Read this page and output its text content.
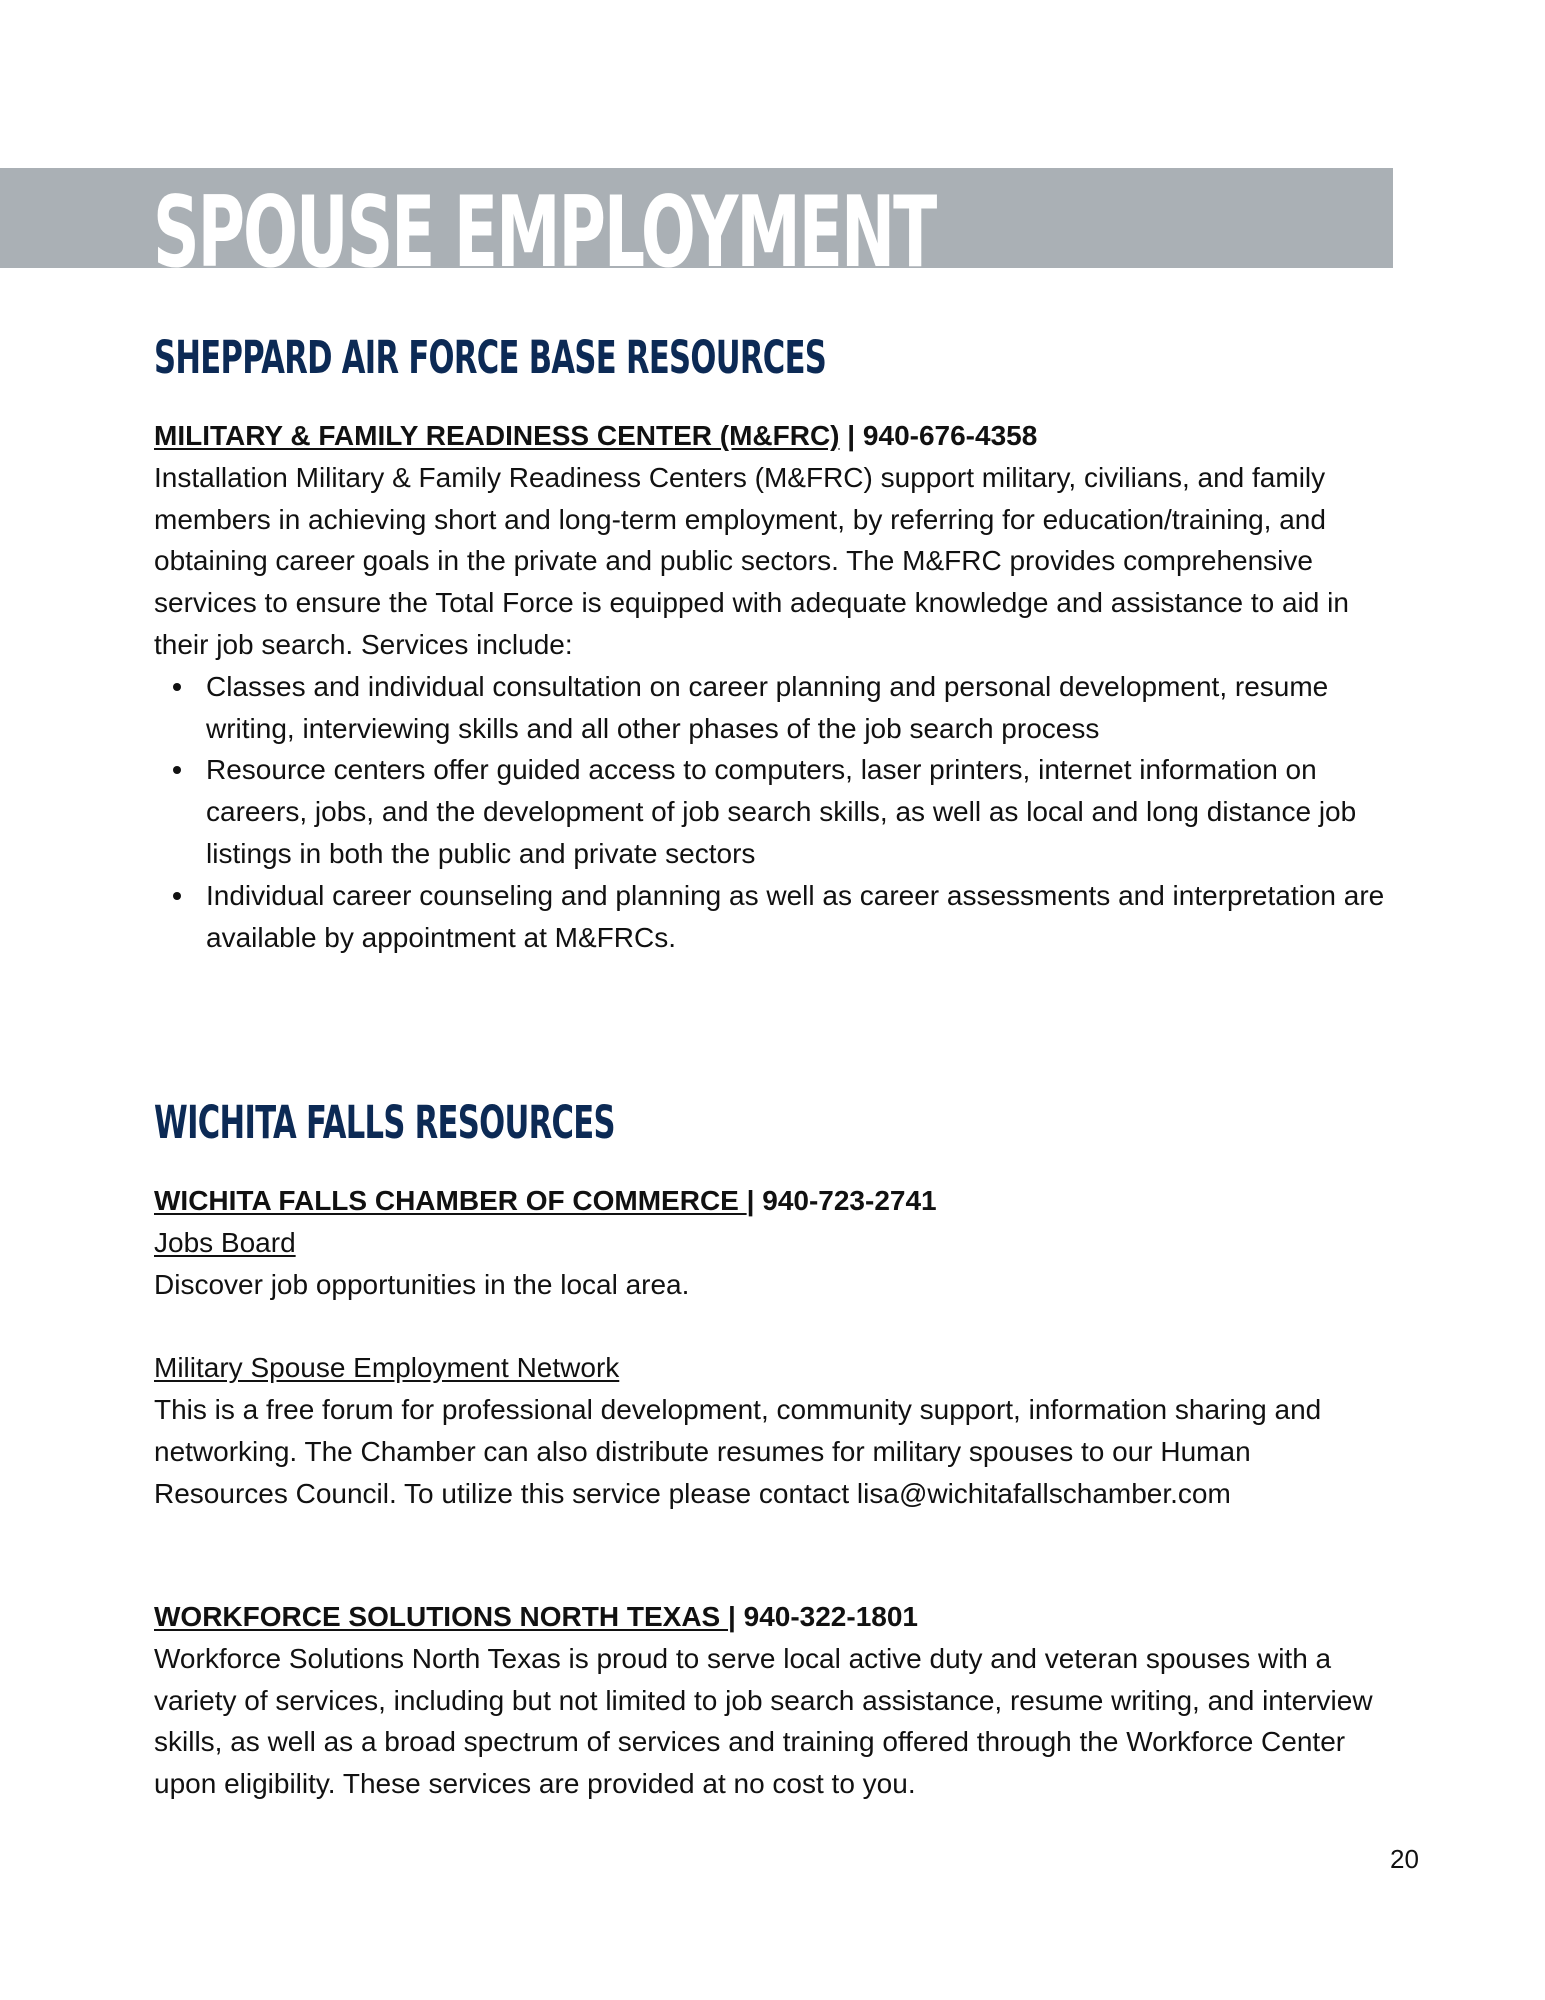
SPOUSE EMPLOYMENT
SHEPPARD AIR FORCE BASE RESOURCES

MILITARY & FAMILY READINESS CENTER (M&FRC) | 940-676-4358

Installation Military & Family Readiness Centers (M&FRC) support military, civilians, and family members in achieving short and long-term employment, by referring for education/training, and obtaining career goals in the private and public sectors. The M&FRC provides comprehensive services to ensure the Total Force is equipped with adequate knowledge and assistance to aid in their job search. Services include:

Classes and individual consultation on career planning and personal development, resume writing, interviewing skills and all other phases of the job search process
Resource centers offer guided access to computers, laser printers, internet information on careers, jobs, and the development of job search skills, as well as local and long distance job listings in both the public and private sectors
Individual career counseling and planning as well as career assessments and interpretation are available by appointment at M&FRCs.
WICHITA FALLS RESOURCES

WICHITA FALLS CHAMBER OF COMMERCE | 940-723-2741

Jobs Board

Discover job opportunities in the local area.

Military Spouse Employment Network

This is a free forum for professional development, community support, information sharing and networking. The Chamber can also distribute resumes for military spouses to our Human Resources Council. To utilize this service please contact lisa@wichitafallschamber.com

WORKFORCE SOLUTIONS NORTH TEXAS | 940-322-1801

Workforce Solutions North Texas is proud to serve local active duty and veteran spouses with a variety of services, including but not limited to job search assistance, resume writing, and interview skills, as well as a broad spectrum of services and training offered through the Workforce Center upon eligibility. These services are provided at no cost to you.

20
